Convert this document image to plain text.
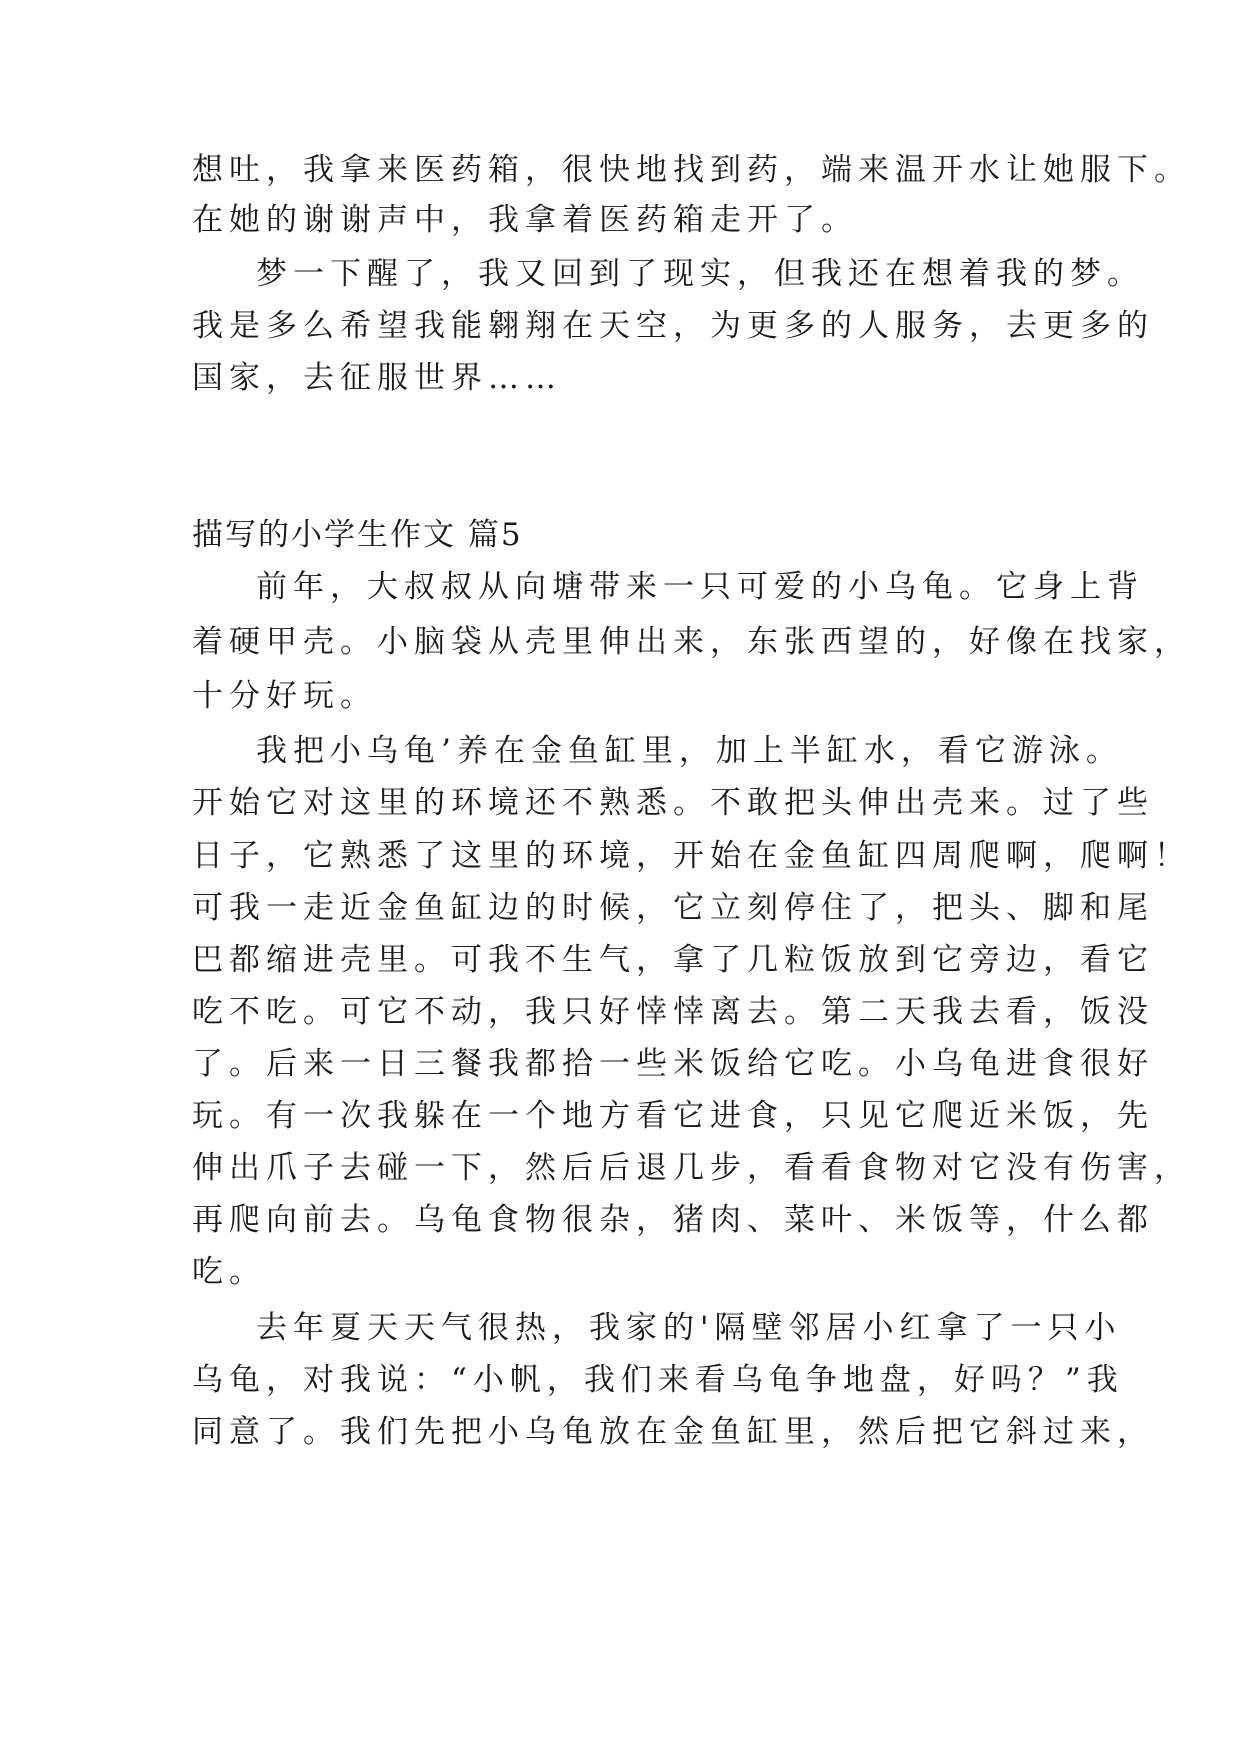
想吐，我拿来医药箱，很快地找到药，端来温开水让她服下。
在她的谢谢声中，我拿着医药箱走开了。
梦一下醒了，我又回到了现实，但我还在想着我的梦。
我是多么希望我能翱翔在天空，为更多的人服务，去更多的
国家，去征服世界……
描写的小学生作文 篇5
前年，大叔叔从向塘带来一只可爱的小乌龟。它身上背
着硬甲壳。小脑袋从壳里伸出来，东张西望的，好像在找家，
十分好玩。
我把小乌龟’养在金鱼缸里，加上半缸水，看它游泳。
开始它对这里的环境还不熟悉。不敢把头伸出壳来。过了些
日子，它熟悉了这里的环境，开始在金鱼缸四周爬啊，爬啊！
可我一走近金鱼缸边的时候，它立刻停住了，把头、脚和尾
巴都缩进壳里。可我不生气，拿了几粒饭放到它旁边，看它
吃不吃。可它不动，我只好悻悻离去。第二天我去看，饭没
了。后来一日三餐我都拾一些米饭给它吃。小乌龟进食很好
玩。有一次我躲在一个地方看它进食，只见它爬近米饭，先
伸出爪子去碰一下，然后后退几步，看看食物对它没有伤害，
再爬向前去。乌龟食物很杂，猪肉、菜叶、米饭等，什么都
吃。
去年夏天天气很热，我家的'隔壁邻居小红拿了一只小
乌龟，对我说：“小帆，我们来看乌龟争地盘，好吗？”我
同意了。我们先把小乌龟放在金鱼缸里，然后把它斜过来，
